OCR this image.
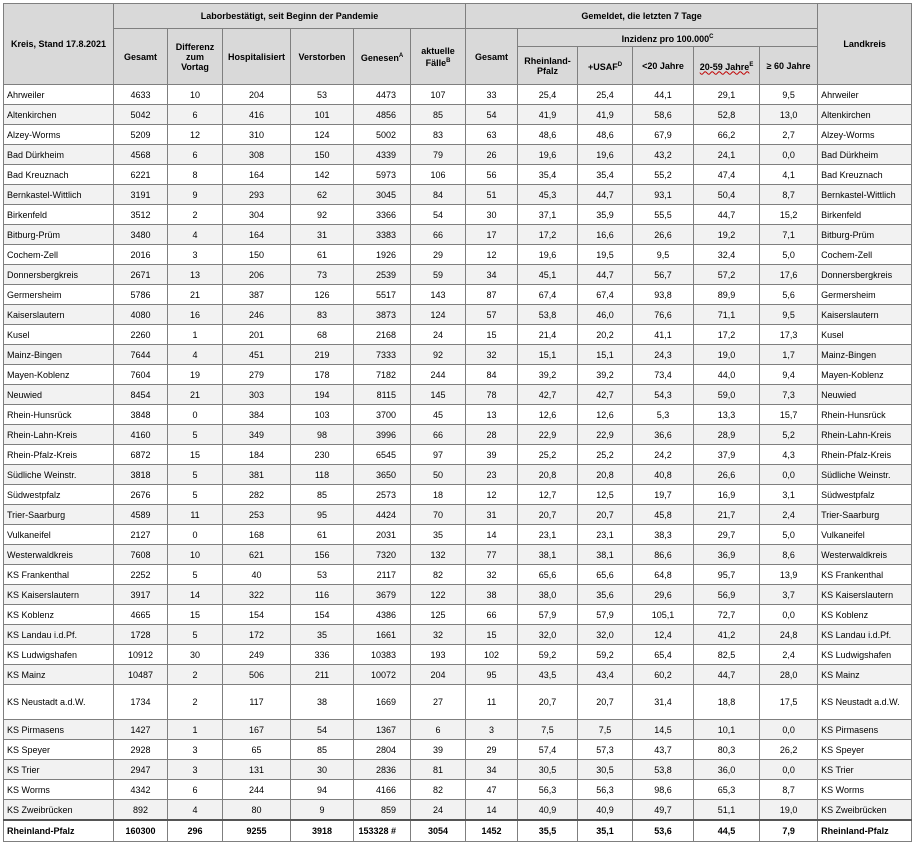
Kreis, Stand 17.8.2021	Laborbestätigt, seit Beginn der Pandemie						Gemeldet, die letzten 7 Tage						Landkreis
	Gesamt	Differenz zum Vortag	Hospitalisiert	Verstorben	Genesen$^A$	aktuelle Fälle$^B$	Gesamt	Inzidenz pro $100.000^C$
								Rheinland-Pfalz	$+USAF^D$	<20 Jahre	20-59 Jahre$^E$	≥ 60 Jahre	
Ahrweiler	4633	10	204	53	4473	107	33	25,4	25,4	44,1	29,1	9,5	Ahrweiler
Altenkirchen	5042	6	416	101	4856	85	54	41,9	41,9	58,6	52,8	13,0	Altenkirchen
Alzey-Worms	5209	12	310	124	5002	83	63	48,6	48,6	67,9	66,2	2,7	Alzey-Worms
Bad Dürkheim	4568	6	308	150	4339	79	26	19,6	19,6	43,2	24,1	0,0	Bad Dürkheim
Bad Kreuznach	6221	8	164	142	5973	106	56	35,4	35,4	55,2	47,4	4,1	Bad Kreuznach
Bernkastel-Wittlich	3191	9	293	62	3045	84	51	45,3	44,7	93,1	50,4	8,7	Bernkastel-Wittlich
Birkenfeld	3512	2	304	92	3366	54	30	37,1	35,9	55,5	44,7	15,2	Birkenfeld
Bitburg-Prüm	3480	4	164	31	3383	66	17	17,2	16,6	26,6	19,2	7,1	Bitburg-Prüm
Cochem-Zell	2016	3	150	61	1926	29	12	19,6	19,5	9,5	32,4	5,0	Cochem-Zell
Donnersbergkreis	2671	13	206	73	2539	59	34	45,1	44,7	56,7	57,2	17,6	Donnersbergkreis
Germersheim	5786	21	387	126	5517	143	87	67,4	67,4	93,8	89,9	5,6	Germersheim
Kaiserslautern	4080	16	246	83	3873	124	57	53,8	46,0	76,6	71,1	9,5	Kaiserslautern
Kusel	2260	1	201	68	2168	24	15	21,4	20,2	41,1	17,2	17,3	Kusel
Mainz-Bingen	7644	4	451	219	7333	92	32	15,1	15,1	24,3	19,0	1,7	Mainz-Bingen
Mayen-Koblenz	7604	19	279	178	7182	244	84	39,2	39,2	73,4	44,0	9,4	Mayen-Koblenz
Neuwied	8454	21	303	194	8115	145	78	42,7	42,7	54,3	59,0	7,3	Neuwied
Rhein-Hunsrück	3848	0	384	103	3700	45	13	12,6	12,6	5,3	13,3	15,7	Rhein-Hunsrück
Rhein-Lahn-Kreis	4160	5	349	98	3996	66	28	22,9	22,9	36,6	28,9	5,2	Rhein-Lahn-Kreis
Rhein-Pfalz-Kreis	6872	15	184	230	6545	97	39	25,2	25,2	24,2	37,9	4,3	Rhein-Pfalz-Kreis
Südliche Weinstr.	3818	5	381	118	3650	50	23	20,8	20,8	40,8	26,6	0,0	Südliche Weinstr.
Südwestpfalz	2676	5	282	85	2573	18	12	12,7	12,5	19,7	16,9	3,1	Südwestpfalz
Trier-Saarburg	4589	11	253	95	4424	70	31	20,7	20,7	45,8	21,7	2,4	Trier-Saarburg
Vulkaneifel	2127	0	168	61	2031	35	14	23,1	23,1	38,3	29,7	5,0	Vulkaneifel
Westerwaldkreis	7608	10	621	156	7320	132	77	38,1	38,1	86,6	36,9	8,6	Westerwaldkreis
KS Frankenthal	2252	5	40	53	2117	82	32	65,6	65,6	64,8	95,7	13,9	KS Frankenthal
KS Kaiserslautern	3917	14	322	116	3679	122	38	38,0	35,6	29,6	56,9	3,7	KS Kaiserslautern
KS Koblenz	4665	15	154	154	4386	125	66	57,9	57,9	105,1	72,7	0,0	KS Koblenz
KS Landau i.d.Pf.	1728	5	172	35	1661	32	15	32,0	32,0	12,4	41,2	24,8	KS Landau i.d.Pf.
KS Ludwigshafen	10912	30	249	336	10383	193	102	59,2	59,2	65,4	82,5	2,4	KS Ludwigshafen
KS Mainz	10487	2	506	211	10072	204	95	43,5	43,4	60,2	44,7	28,0	KS Mainz
KS Neustadt a.d.W.	1734	2	117	38	1669	27	11	20,7	20,7	31,4	18,8	17,5	KS Neustadt a.d.W.
KS Pirmasens	1427	1	167	54	1367	6	3	7,5	7,5	14,5	10,1	0,0	KS Pirmasens
KS Speyer	2928	3	65	85	2804	39	29	57,4	57,3	43,7	80,3	26,2	KS Speyer
KS Trier	2947	3	131	30	2836	81	34	30,5	30,5	53,8	36,0	0,0	KS Trier
KS Worms	4342	6	244	94	4166	82	47	56,3	56,3	98,6	65,3	8,7	KS Worms
KS Zweibrücken	892	4	80	9	859	24	14	40,9	40,9	49,7	51,1	19,0	KS Zweibrücken
Rheinland-Pfalz	160300	296	9255	3918	153328 #	3054	1452	35,5	35,1	53,6	44,5	7,9	Rheinland-Pfalz
